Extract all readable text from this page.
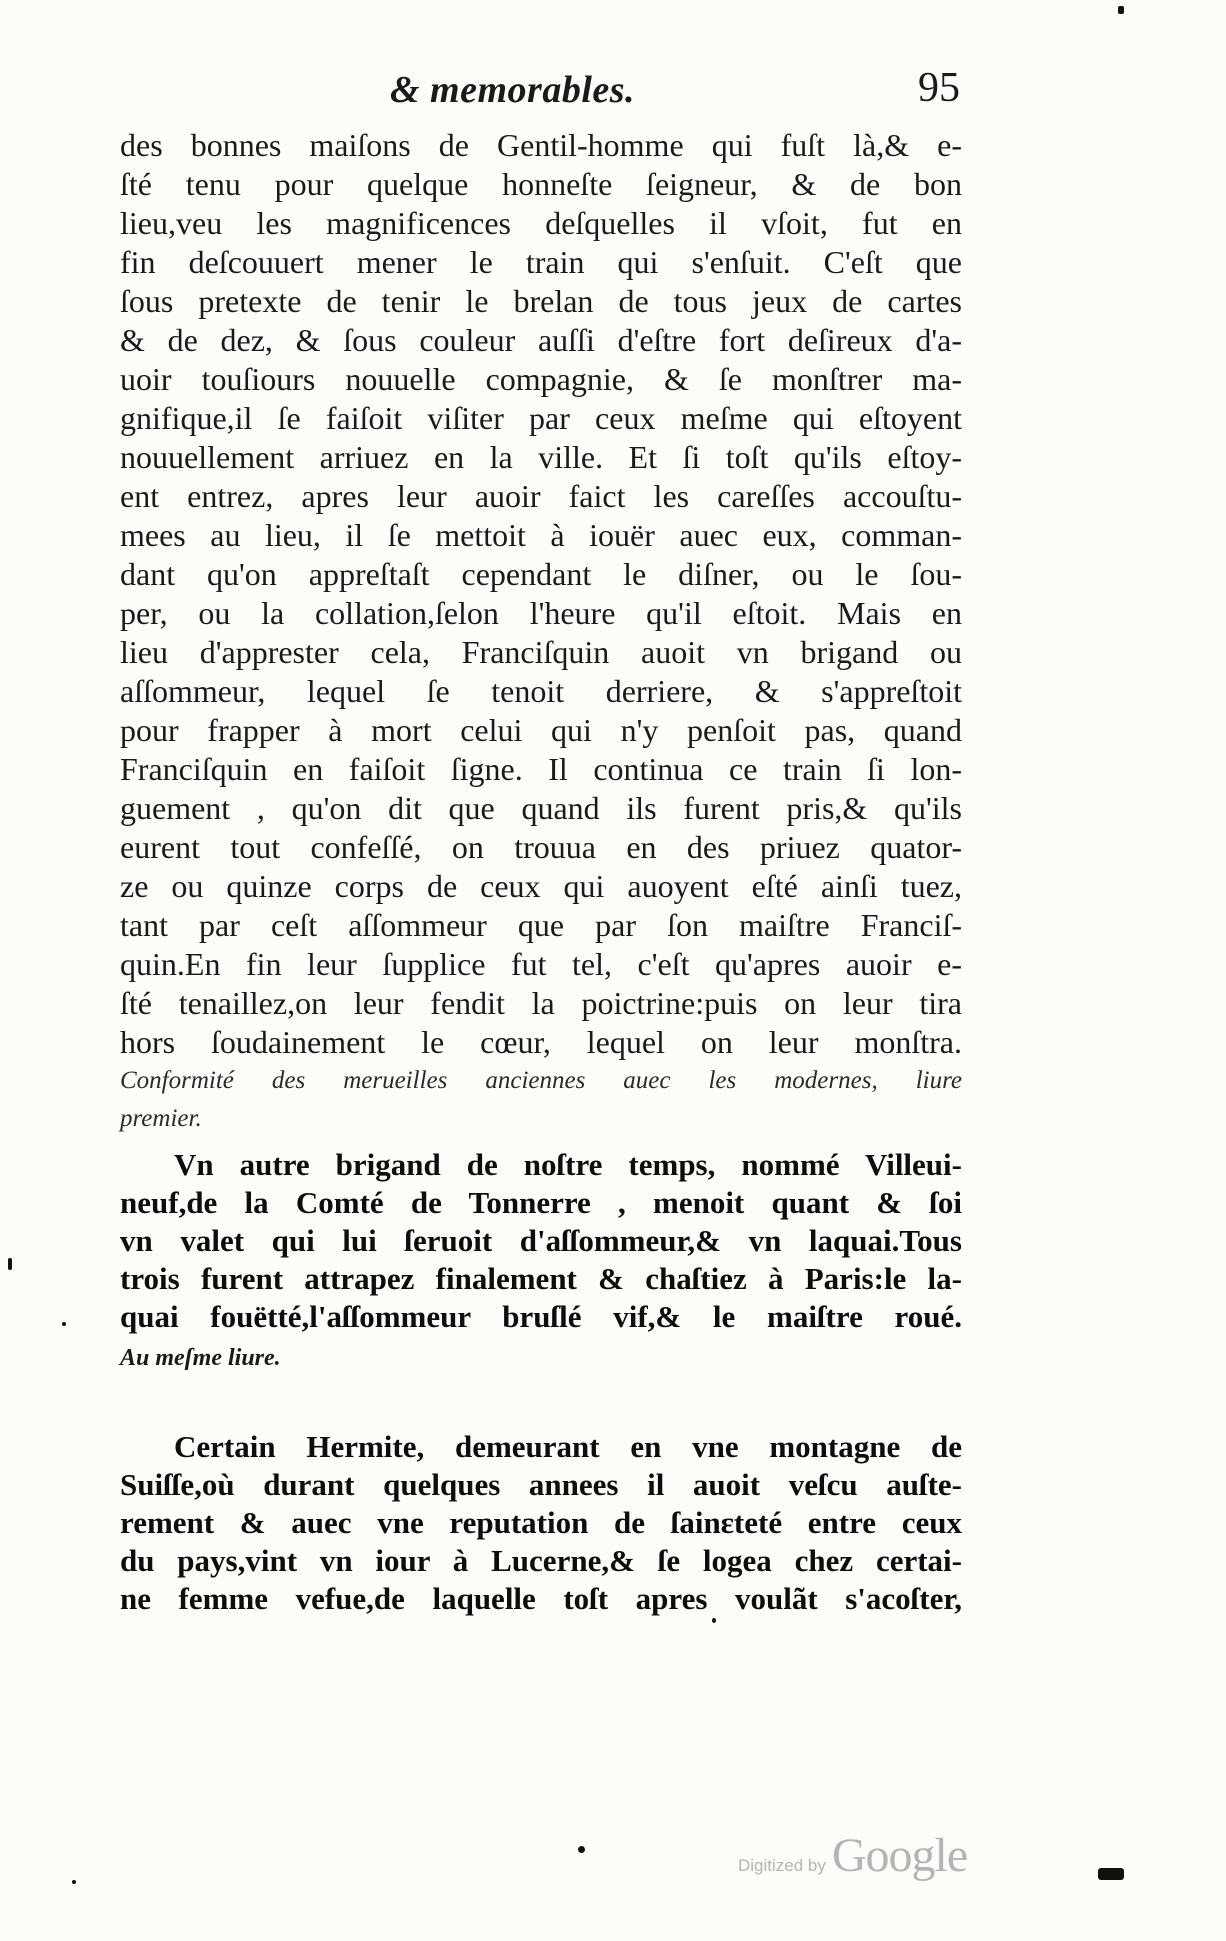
& memorables.	95
des bonnes maiſons de Gentil-homme qui fuſt là,& e-
ſté tenu pour quelque honneſte ſeigneur, & de bon
lieu,veu les magnificences deſquelles il vſoit, fut en
fin deſcouuert mener le train qui s'enſuit. C'eſt que
ſous pretexte de tenir le brelan de tous jeux de cartes
& de dez, & ſous couleur auſſi d'eſtre fort deſireux d'a-
uoir touſiours nouuelle compagnie, & ſe monſtrer ma-
gnifique,il ſe faiſoit viſiter par ceux meſme qui eſtoyent
nouuellement arriuez en la ville. Et ſi toſt qu'ils eſtoy-
ent entrez, apres leur auoir faict les careſſes accouſtu-
mees au lieu, il ſe mettoit à iouër auec eux, comman-
dant qu'on appreſtaſt cependant le diſner, ou le ſou-
per, ou la collation,ſelon l'heure qu'il eſtoit. Mais en
lieu d'apprester cela, Franciſquin auoit vn brigand ou
aſſommeur, lequel ſe tenoit derriere, & s'appreſtoit
pour frapper à mort celui qui n'y penſoit pas, quand
Franciſquin en faiſoit ſigne. Il continua ce train ſi lon-
guement , qu'on dit que quand ils furent pris,& qu'ils
eurent tout confeſſé, on trouua en des priuez quator-
ze ou quinze corps de ceux qui auoyent eſté ainſi tuez,
tant par ceſt aſſommeur que par ſon maiſtre Franciſ-
quin.En fin leur ſupplice fut tel, c'eſt qu'apres auoir e-
ſté tenaillez,on leur fendit la poictrine:puis on leur tira
hors ſoudainement le cœur, lequel on leur monſtra.
Conformité des merueilles anciennes auec les modernes, liure
premier.
Vn autre brigand de noſtre temps, nommé Villeui-
neuf,de la Comté de Tonnerre , menoit quant & ſoi
vn valet qui lui ſeruoit d'aſſommeur,& vn laquai.Tous
trois furent attrapez finalement & chaſtiez à Paris:le la-
quai fouëtté,l'aſſommeur bruſlé vif,& le maiſtre roué.
Au meſme liure.
Certain Hermite, demeurant en vne montagne de
Suiſſe,où durant quelques annees il auoit veſcu auſte-
rement & auec vne reputation de ſainɛteté entre ceux
du pays,vint vn iour à Lucerne,& ſe logea chez certai-
ne femme vefue,de laquelle toſt apres voulãt s'acoſter,
Digitized by Google
